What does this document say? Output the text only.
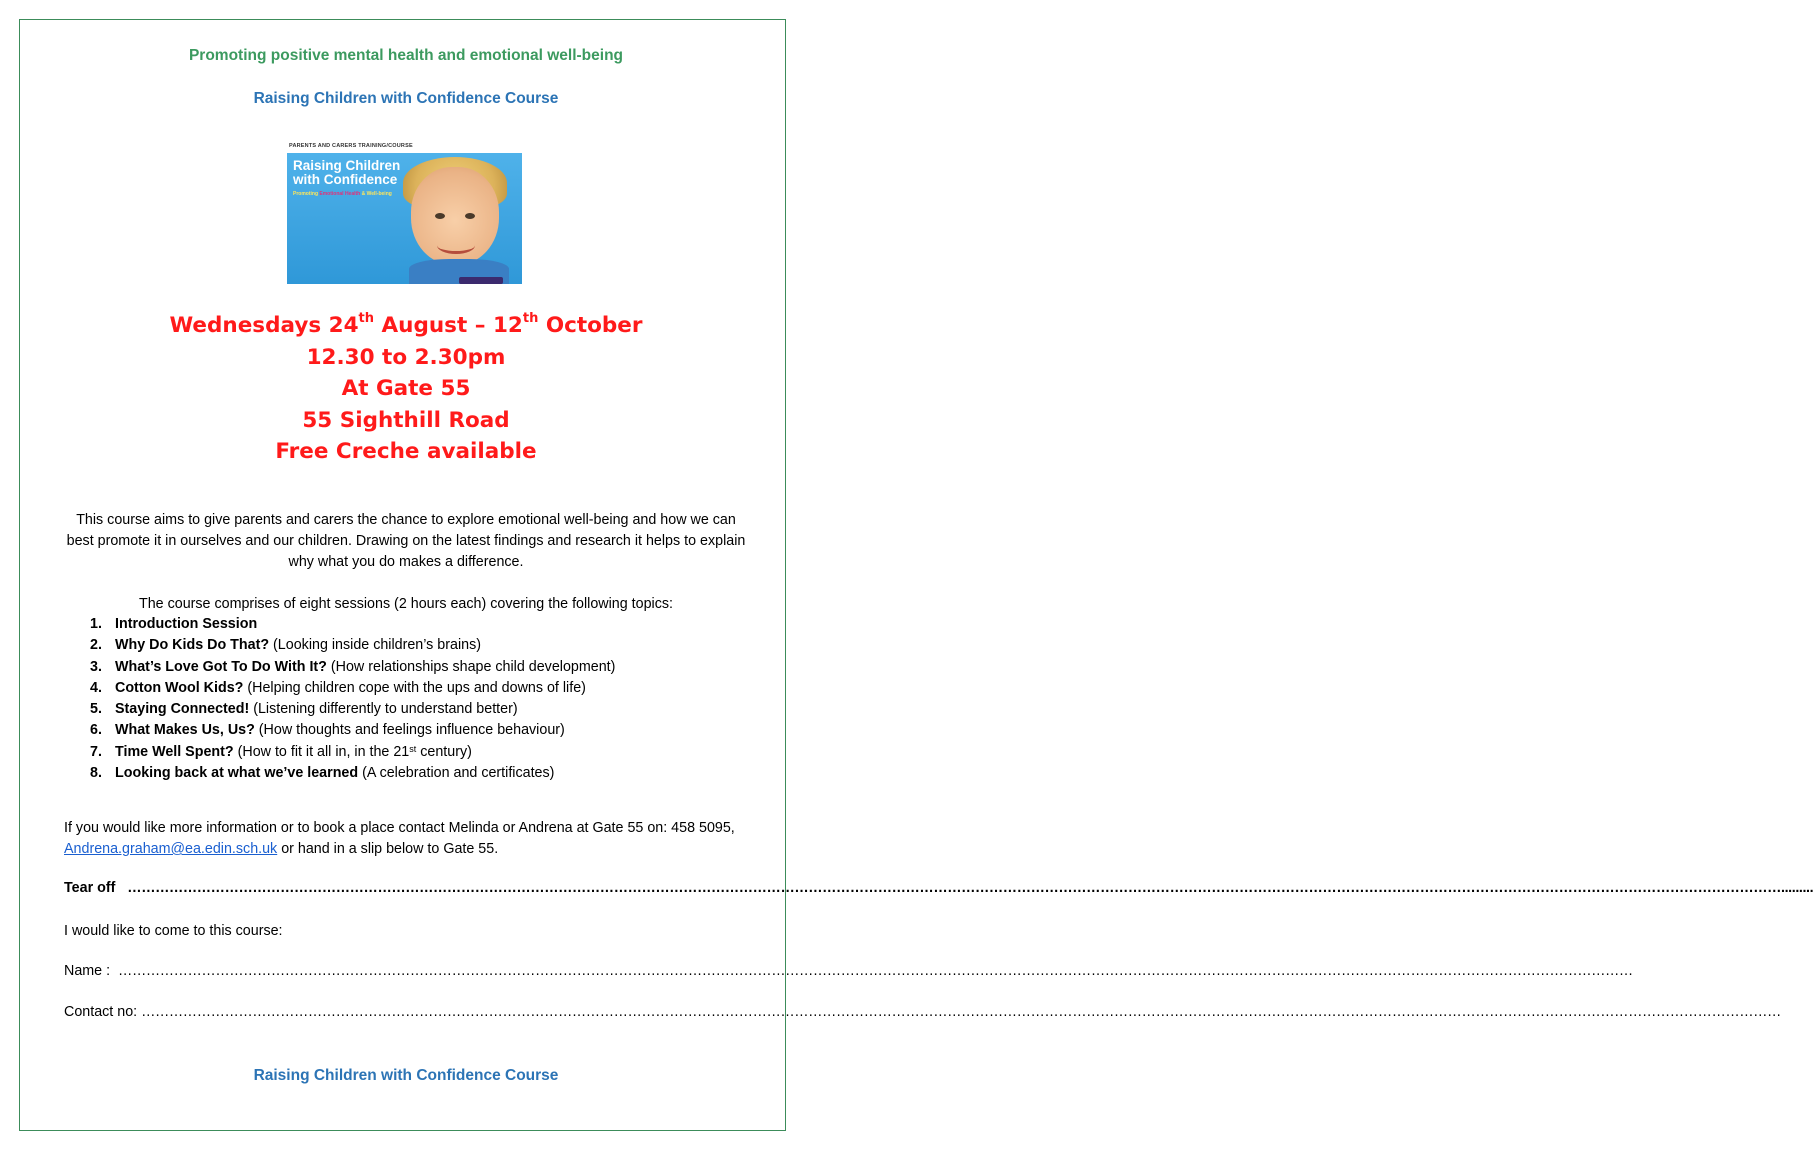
Promoting positive mental health and emotional well-being
Raising Children with Confidence Course
PARENTS AND CARERS TRAINING/COURSE
Raising Children
with Confidence
Promoting Emotional Health & Well-being
Wednesdays 24th August – 12th October
12.30 to 2.30pm
At Gate 55
55 Sighthill Road
Free Creche available
This course aims to give parents and carers the chance to explore emotional well-being and how we can best promote it in ourselves and our children. Drawing on the latest findings and research it helps to explain why what you do makes a difference.
The course comprises of eight sessions (2 hours each) covering the following topics:
1. Introduction Session
2. Why Do Kids Do That? (Looking inside children’s brains)
3. What’s Love Got To Do With It? (How relationships shape child development)
4. Cotton Wool Kids? (Helping children cope with the ups and downs of life)
5. Staying Connected! (Listening differently to understand better)
6. What Makes Us, Us? (How thoughts and feelings influence behaviour)
7. Time Well Spent? (How to fit it all in, in the 21st century)
8. Looking back at what we’ve learned (A celebration and certificates)
If you would like more information or to book a place contact Melinda or Andrena at Gate 55 on: 458 5095, Andrena.graham@ea.edin.sch.uk or hand in a slip below to Gate 55.
Tear off …………………………………………………………………………………………………………………………………………………………………………………………………………………………………………………………………………………………………………………………….........
I would like to come to this course:
Name : …………………………………………………………………………………………………………………………………………………………………………………………………………………………………………………………………………………………………
Contact no: …………………………………………………………………………………………………………………………………………………………………………………………………………………………………………………………………………………………………………………………
Raising Children with Confidence Course
